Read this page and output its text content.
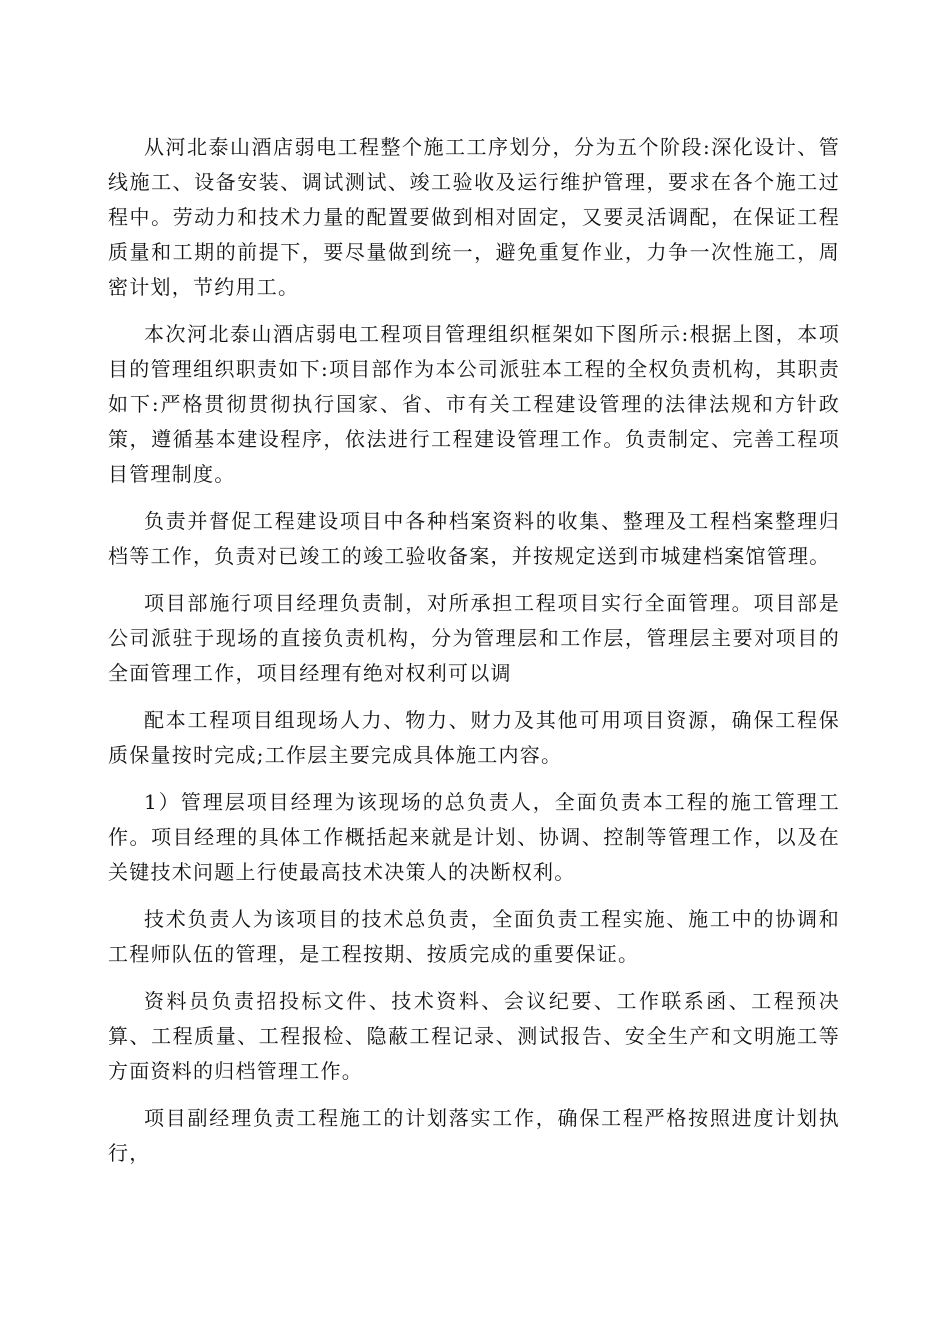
从河北泰山酒店弱电工程整个施工工序划分，分为五个阶段:深化设计、管线施工、设备安装、调试测试、竣工验收及运行维护管理，要求在各个施工过程中。劳动力和技术力量的配置要做到相对固定，又要灵活调配，在保证工程质量和工期的前提下，要尽量做到统一，避免重复作业，力争一次性施工，周密计划，节约用工。

本次河北泰山酒店弱电工程项目管理组织框架如下图所示:根据上图，本项目的管理组织职责如下:项目部作为本公司派驻本工程的全权负责机构，其职责如下:严格贯彻贯彻执行国家、省、市有关工程建设管理的法律法规和方针政策，遵循基本建设程序，依法进行工程建设管理工作。负责制定、完善工程项目管理制度。

负责并督促工程建设项目中各种档案资料的收集、整理及工程档案整理归档等工作，负责对已竣工的竣工验收备案，并按规定送到市城建档案馆管理。

项目部施行项目经理负责制，对所承担工程项目实行全面管理。项目部是公司派驻于现场的直接负责机构，分为管理层和工作层，管理层主要对项目的全面管理工作，项目经理有绝对权利可以调

配本工程项目组现场人力、物力、财力及其他可用项目资源，确保工程保质保量按时完成;工作层主要完成具体施工内容。

1）管理层项目经理为该现场的总负责人，全面负责本工程的施工管理工作。项目经理的具体工作概括起来就是计划、协调、控制等管理工作，以及在关键技术问题上行使最高技术决策人的决断权利。

技术负责人为该项目的技术总负责，全面负责工程实施、施工中的协调和工程师队伍的管理，是工程按期、按质完成的重要保证。

资料员负责招投标文件、技术资料、会议纪要、工作联系函、工程预决算、工程质量、工程报检、隐蔽工程记录、测试报告、安全生产和文明施工等方面资料的归档管理工作。

项目副经理负责工程施工的计划落实工作，确保工程严格按照进度计划执行，
